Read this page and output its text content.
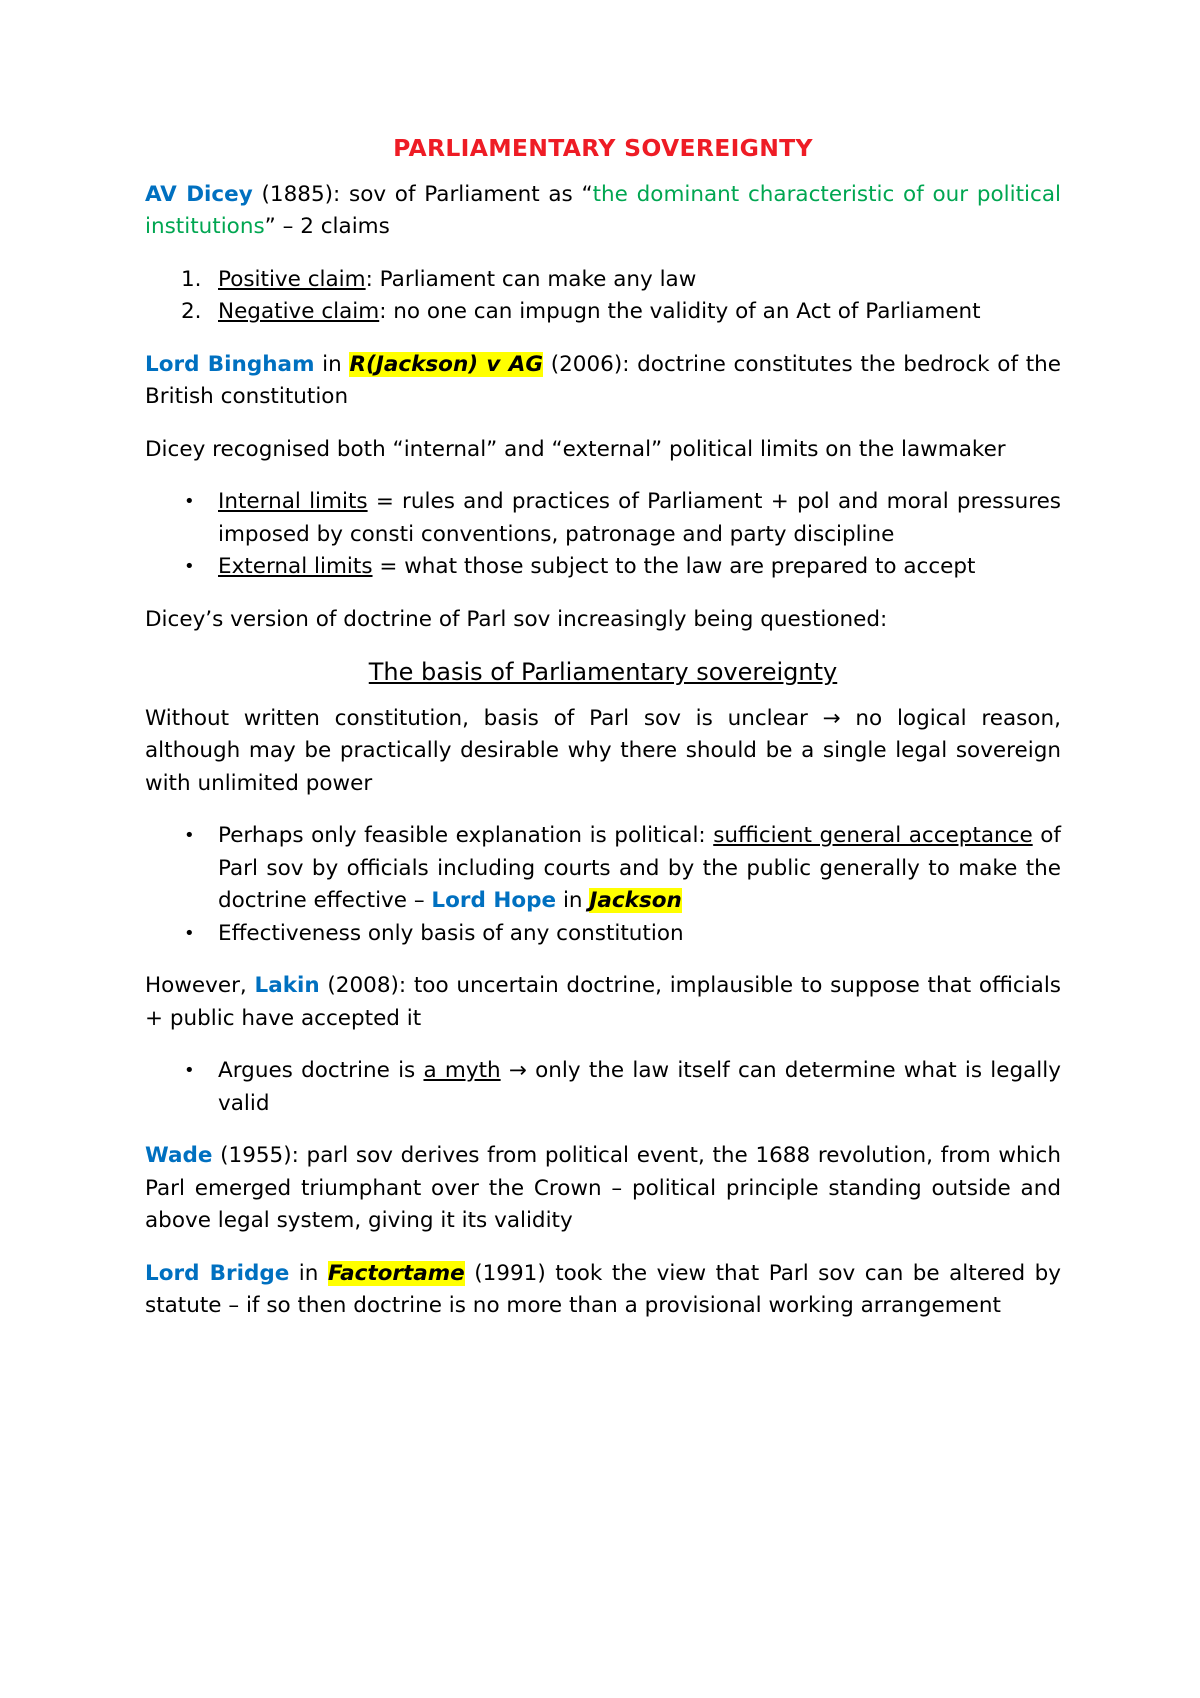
PARLIAMENTARY SOVEREIGNTY

AV Dicey (1885): sov of Parliament as “the dominant characteristic of our political institutions” – 2 claims

1. Positive claim: Parliament can make any law
2. Negative claim: no one can impugn the validity of an Act of Parliament

Lord Bingham in R(Jackson) v AG (2006): doctrine constitutes the bedrock of the British constitution

Dicey recognised both “internal” and “external” political limits on the lawmaker

• Internal limits = rules and practices of Parliament + pol and moral pressures imposed by consti conventions, patronage and party discipline
• External limits = what those subject to the law are prepared to accept

Dicey’s version of doctrine of Parl sov increasingly being questioned:

The basis of Parliamentary sovereignty

Without written constitution, basis of Parl sov is unclear → no logical reason, although may be practically desirable why there should be a single legal sovereign with unlimited power

• Perhaps only feasible explanation is political: sufficient general acceptance of Parl sov by officials including courts and by the public generally to make the doctrine effective – Lord Hope in Jackson
• Effectiveness only basis of any constitution

However, Lakin (2008): too uncertain doctrine, implausible to suppose that officials + public have accepted it

• Argues doctrine is a myth → only the law itself can determine what is legally valid

Wade (1955): parl sov derives from political event, the 1688 revolution, from which Parl emerged triumphant over the Crown – political principle standing outside and above legal system, giving it its validity

Lord Bridge in Factortame (1991) took the view that Parl sov can be altered by statute – if so then doctrine is no more than a provisional working arrangement
